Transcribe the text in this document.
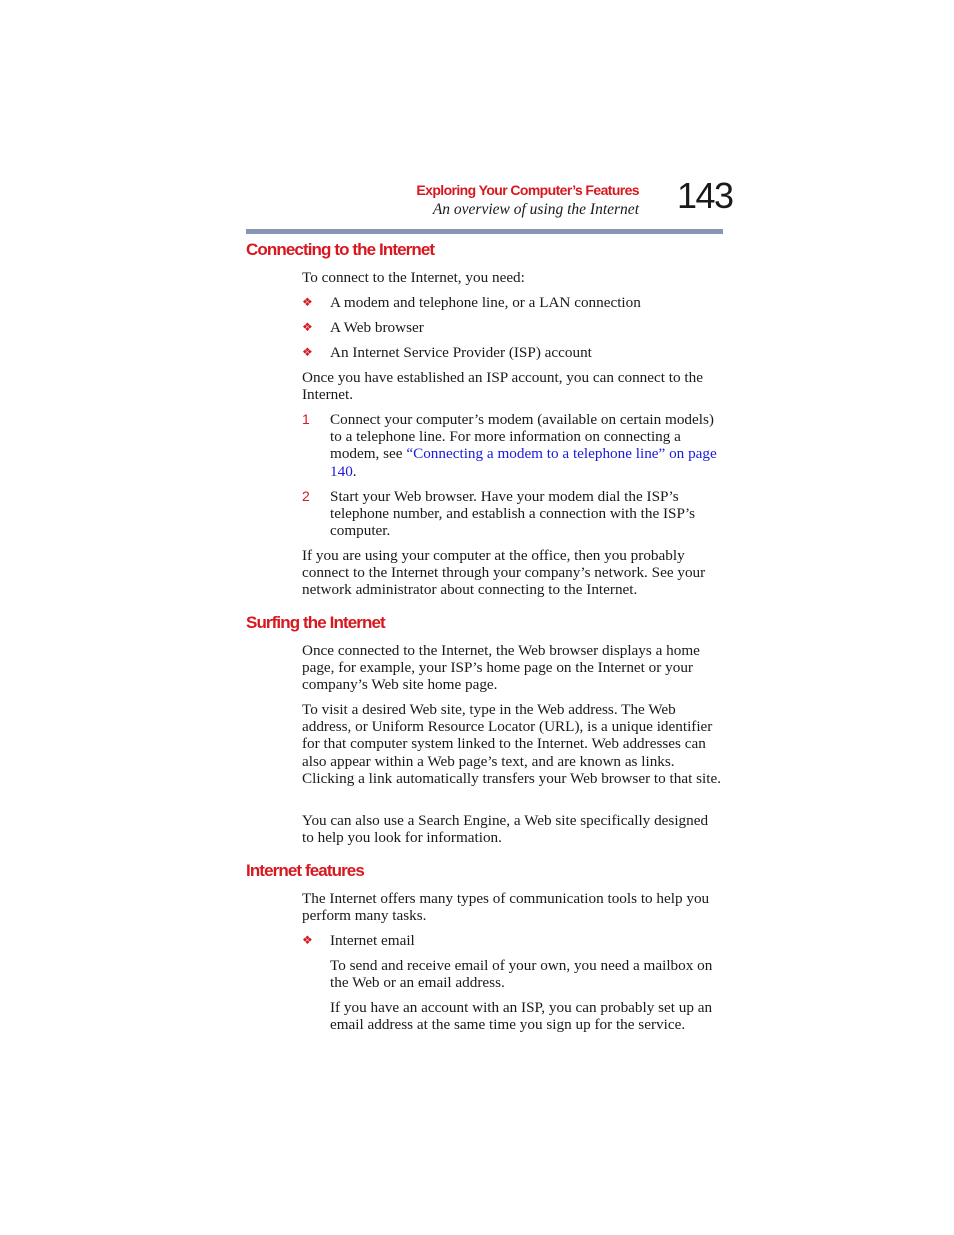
Exploring Your Computer’s Features
An overview of using the Internet 143
Connecting to the Internet

To connect to the Internet, you need:

❖ A modem and telephone line, or a LAN connection
❖ A Web browser
❖ An Internet Service Provider (ISP) account

Once you have established an ISP account, you can connect to the Internet.

1 Connect your computer’s modem (available on certain models) to a telephone line. For more information on connecting a modem, see “Connecting a modem to a telephone line” on page 140.
2 Start your Web browser. Have your modem dial the ISP’s telephone number, and establish a connection with the ISP’s computer.

If you are using your computer at the office, then you probably connect to the Internet through your company’s network. See your network administrator about connecting to the Internet.

Surfing the Internet

Once connected to the Internet, the Web browser displays a home page, for example, your ISP’s home page on the Internet or your company’s Web site home page.

To visit a desired Web site, type in the Web address. The Web address, or Uniform Resource Locator (URL), is a unique identifier for that computer system linked to the Internet. Web addresses can also appear within a Web page’s text, and are known as links. Clicking a link automatically transfers your Web browser to that site.

You can also use a Search Engine, a Web site specifically designed to help you look for information.

Internet features

The Internet offers many types of communication tools to help you perform many tasks.

❖ Internet email

To send and receive email of your own, you need a mailbox on the Web or an email address.

If you have an account with an ISP, you can probably set up an email address at the same time you sign up for the service.
